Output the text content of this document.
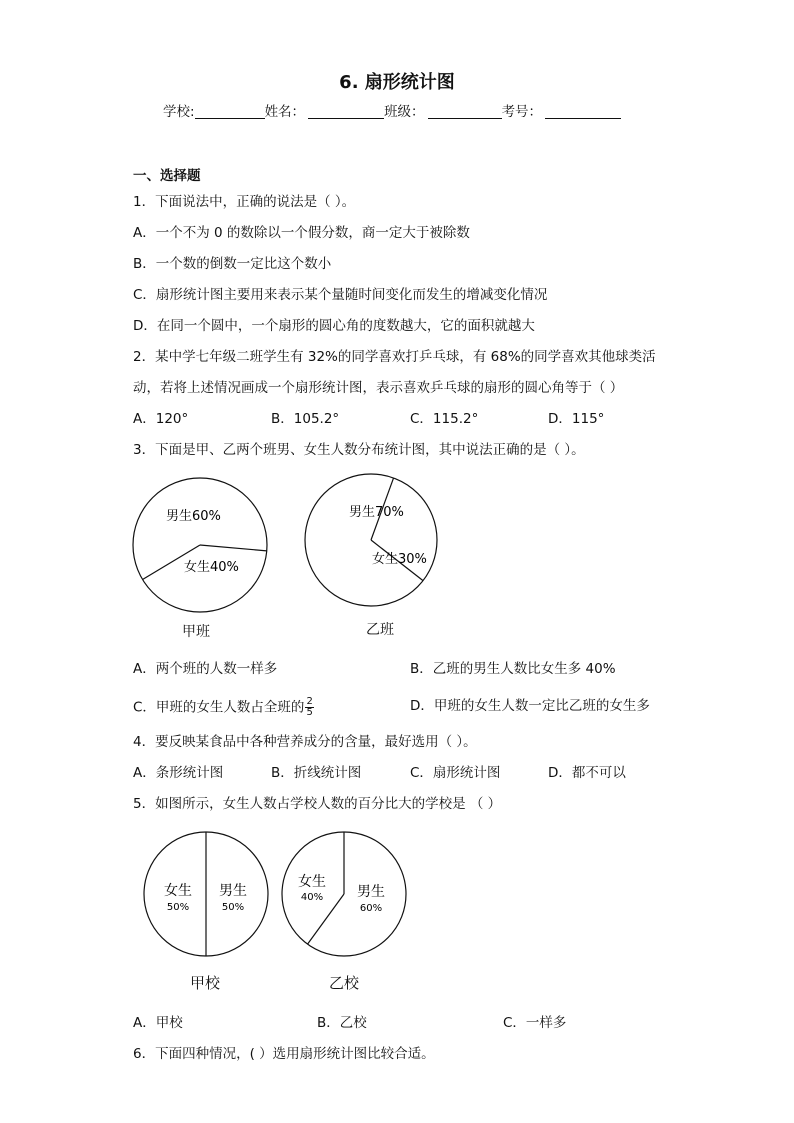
6. 扇形统计图
学校:	姓名：	班级：	考号：
一、选择题
1．下面说法中，正确的说法是（ ）。
A．一个不为 0 的数除以一个假分数，商一定大于被除数
B．一个数的倒数一定比这个数小
C．扇形统计图主要用来表示某个量随时间变化而发生的增减变化情况
D．在同一个圆中，一个扇形的圆心角的度数越大，它的面积就越大
2．某中学七年级二班学生有 32%的同学喜欢打乒乓球，有 68%的同学喜欢其他球类活
动，若将上述情况画成一个扇形统计图，表示喜欢乒乓球的扇形的圆心角等于（ ）
A．120°	B．105.2°	C．115.2°	D．115°
3．下面是甲、乙两个班男、女生人数分布统计图，其中说法正确的是（ ）。
男生60%
女生40%
甲班
男生70%
女生30%
乙班
A．两个班的人数一样多	B．乙班的男生人数比女生多 40%
C．甲班的女生人数占全班的 $\frac{2}{5}$	D．甲班的女生人数一定比乙班的女生多
4．要反映某食品中各种营养成分的含量，最好选用（ ）。
A．条形统计图	B．折线统计图	C．扇形统计图	D．都不可以
5．如图所示，女生人数占学校人数的百分比大的学校是 （ ）
女生
50%
男生
50%
甲校
女生
40% 男生
60%
乙校
A．甲校	B．乙校	C．一样多
6．下面四种情况，( ）选用扇形统计图比较合适。
